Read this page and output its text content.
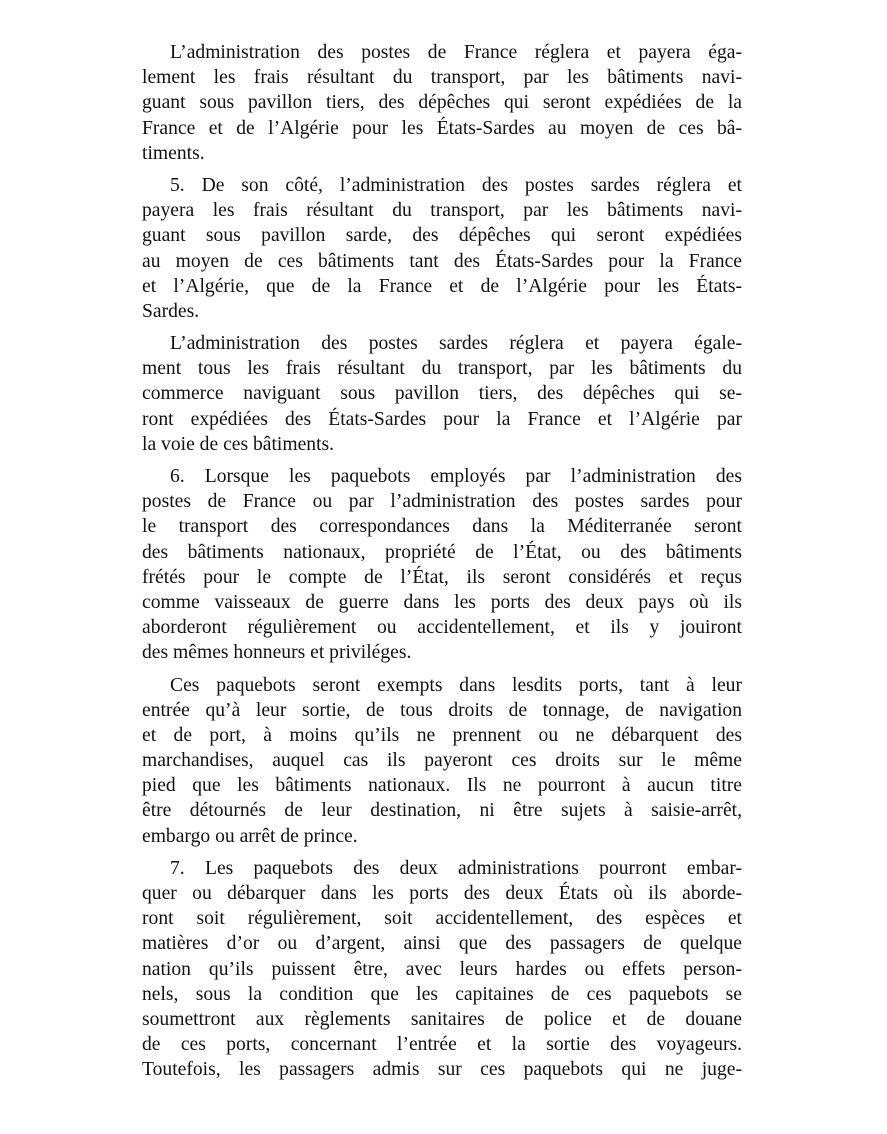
L’administration des postes de France réglera et payera éga-
lement les frais résultant du transport, par les bâtiments navi-
guant sous pavillon tiers, des dépêches qui seront expédiées de la
France et de l’Algérie pour les États-Sardes au moyen de ces bâ-
timents.
5. De son côté, l’administration des postes sardes réglera et
payera les frais résultant du transport, par les bâtiments navi-
guant sous pavillon sarde, des dépêches qui seront expédiées
au moyen de ces bâtiments tant des États-Sardes pour la France
et l’Algérie, que de la France et de l’Algérie pour les États-
Sardes.
L’administration des postes sardes réglera et payera égale-
ment tous les frais résultant du transport, par les bâtiments du
commerce naviguant sous pavillon tiers, des dépêches qui se-
ront expédiées des États-Sardes pour la France et l’Algérie par
la voie de ces bâtiments.
6. Lorsque les paquebots employés par l’administration des
postes de France ou par l’administration des postes sardes pour
le transport des correspondances dans la Méditerranée seront
des bâtiments nationaux, propriété de l’État, ou des bâtiments
frétés pour le compte de l’État, ils seront considérés et reçus
comme vaisseaux de guerre dans les ports des deux pays où ils
aborderont régulièrement ou accidentellement, et ils y jouiront
des mêmes honneurs et priviléges.
Ces paquebots seront exempts dans lesdits ports, tant à leur
entrée qu’à leur sortie, de tous droits de tonnage, de navigation
et de port, à moins qu’ils ne prennent ou ne débarquent des
marchandises, auquel cas ils payeront ces droits sur le même
pied que les bâtiments nationaux. Ils ne pourront à aucun titre
être détournés de leur destination, ni être sujets à saisie-arrêt,
embargo ou arrêt de prince.
7. Les paquebots des deux administrations pourront embar-
quer ou débarquer dans les ports des deux États où ils abordе-
ront soit régulièrement, soit accidentellement, des espèces et
matières d’or ou d’argent, ainsi que des passagers de quelque
nation qu’ils puissent être, avec leurs hardes ou effets person-
nels, sous la condition que les capitaines de ces paquebots se
soumettront aux règlements sanitaires de police et de douane
de ces ports, concernant l’entrée et la sortie des voyageurs.
Toutefois, les passagers admis sur ces paquebots qui ne juge-
